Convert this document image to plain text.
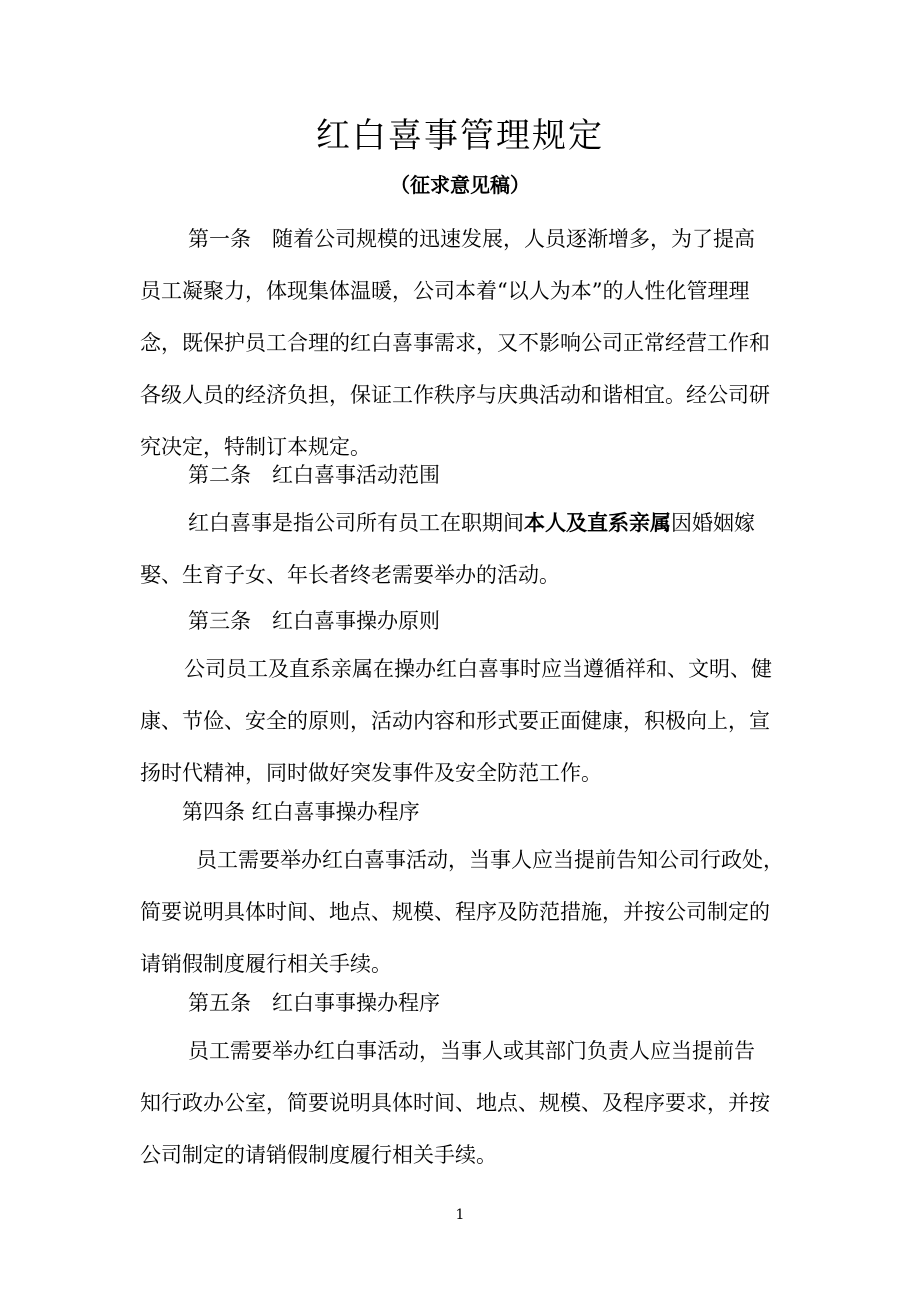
红白喜事管理规定
（征求意见稿）
第一条　随着公司规模的迅速发展，人员逐渐增多，为了提高
员工凝聚力，体现集体温暖，公司本着“以人为本”的人性化管理理
念，既保护员工合理的红白喜事需求，又不影响公司正常经营工作和
各级人员的经济负担，保证工作秩序与庆典活动和谐相宜。经公司研
究决定，特制订本规定。
第二条　红白喜事活动范围
红白喜事是指公司所有员工在职期间本人及直系亲属因婚姻嫁
娶、生育子女、年长者终老需要举办的活动。
第三条　红白喜事操办原则
公司员工及直系亲属在操办红白喜事时应当遵循祥和、文明、健
康、节俭、安全的原则，活动内容和形式要正面健康，积极向上，宣
扬时代精神，同时做好突发事件及安全防范工作。
第四条 红白喜事操办程序
员工需要举办红白喜事活动，当事人应当提前告知公司行政处，
简要说明具体时间、地点、规模、程序及防范措施，并按公司制定的
请销假制度履行相关手续。
第五条　红白事事操办程序
员工需要举办红白事活动，当事人或其部门负责人应当提前告
知行政办公室，简要说明具体时间、地点、规模、及程序要求，并按
公司制定的请销假制度履行相关手续。
1
